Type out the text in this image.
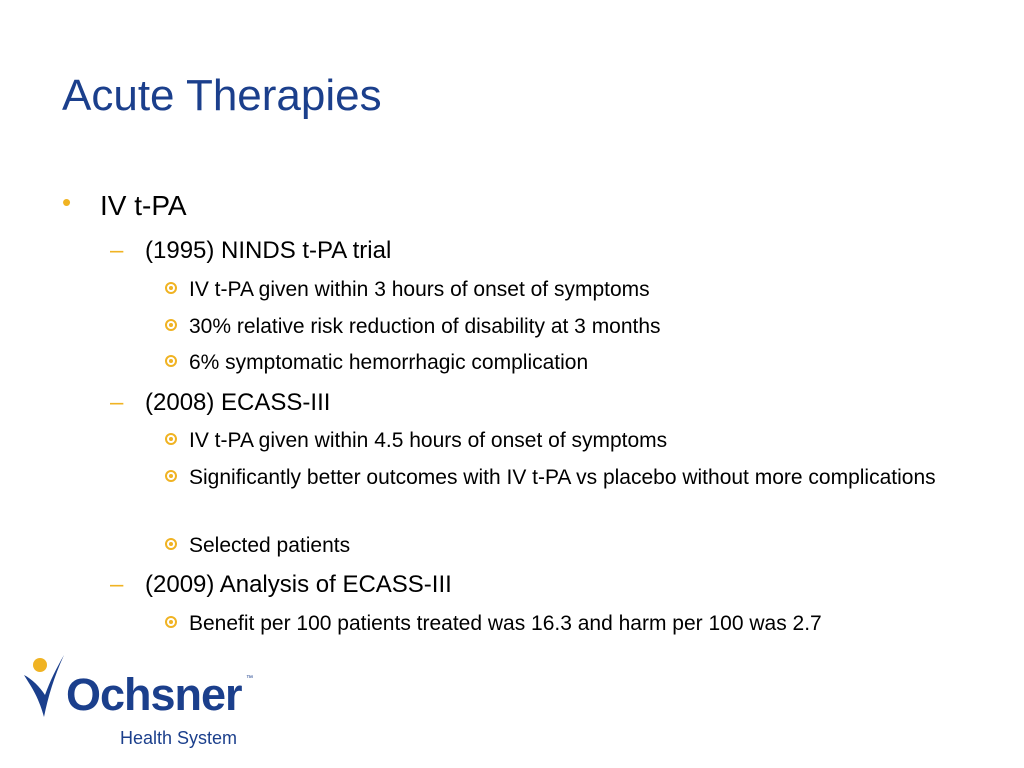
Acute Therapies
•	IV t-PA
– (1995) NINDS t-PA trial
IV t-PA given within 3 hours of onset of symptoms
30% relative risk reduction of disability at 3 months
6% symptomatic hemorrhagic complication
– (2008) ECASS-III
IV t-PA given within 4.5 hours of onset of symptoms
Significantly better outcomes with IV t-PA vs placebo without more complications
Selected patients
– (2009) Analysis of ECASS-III
Benefit per 100 patients treated was 16.3 and harm per 100 was 2.7
Ochsner ™
Health System
